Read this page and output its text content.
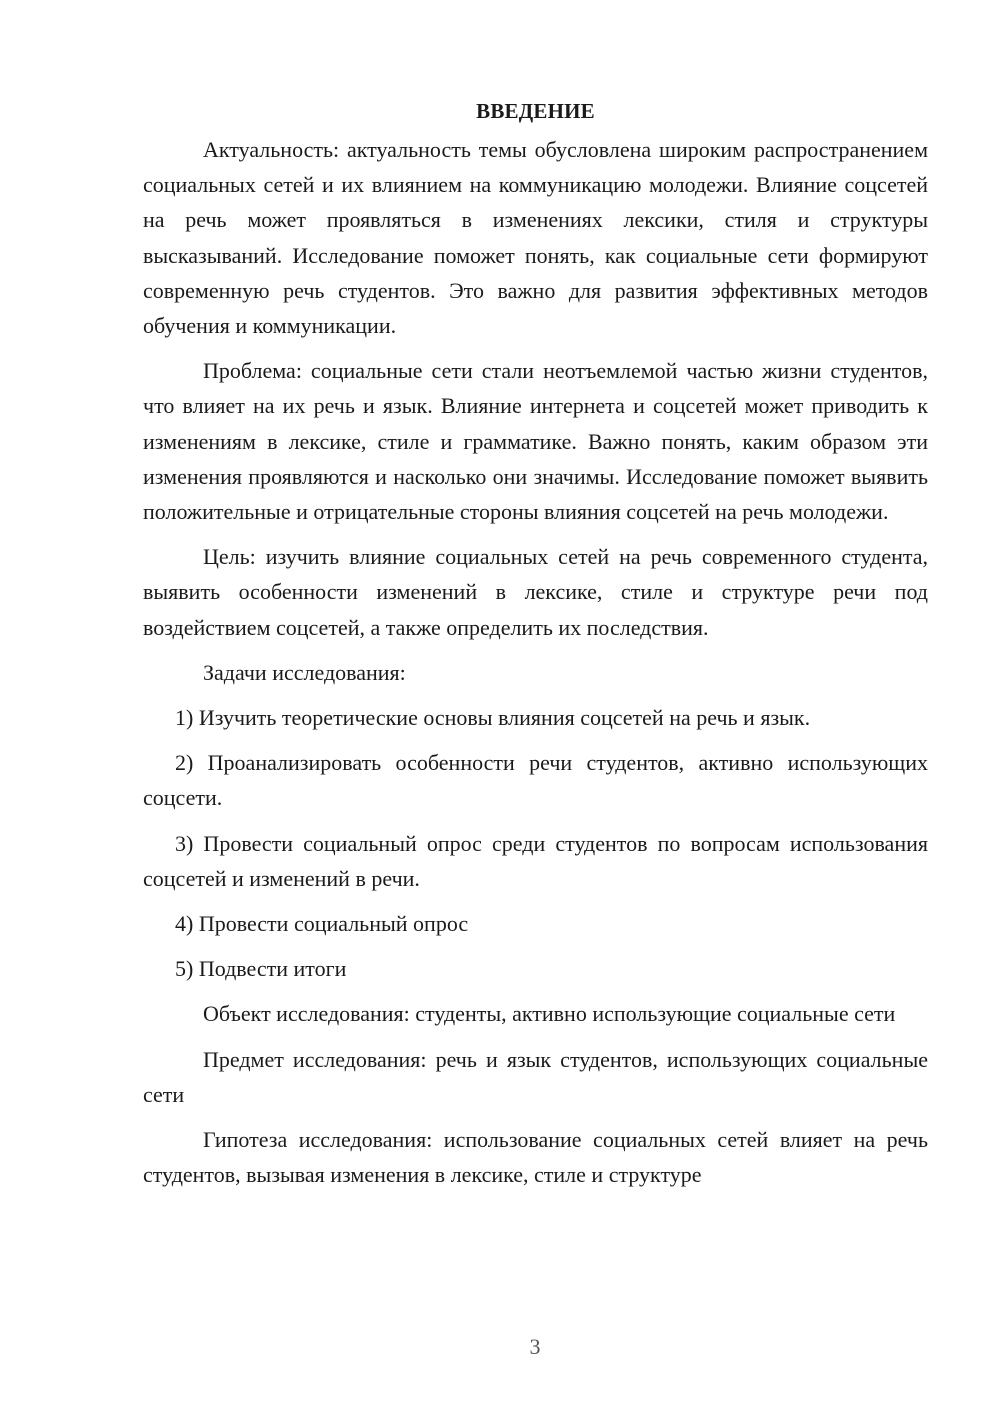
ВВЕДЕНИЕ

Актуальность: актуальность темы обусловлена широким распространением социальных сетей и их влиянием на коммуникацию молодежи. Влияние соцсетей на речь может проявляться в изменениях лексики, стиля и структуры высказываний. Исследование поможет понять, как социальные сети формируют современную речь студентов. Это важно для развития эффективных методов обучения и коммуникации.

Проблема: социальные сети стали неотъемлемой частью жизни студентов, что влияет на их речь и язык. Влияние интернета и соцсетей может приводить к изменениям в лексике, стиле и грамматике. Важно понять, каким образом эти изменения проявляются и насколько они значимы. Исследование поможет выявить положительные и отрицательные стороны влияния соцсетей на речь молодежи.

Цель: изучить влияние социальных сетей на речь современного студента, выявить особенности изменений в лексике, стиле и структуре речи под воздействием соцсетей, а также определить их последствия.

Задачи исследования:

1) Изучить теоретические основы влияния соцсетей на речь и язык.

2) Проанализировать особенности речи студентов, активно использующих соцсети.

3) Провести социальный опрос среди студентов по вопросам использования соцсетей и изменений в речи.

4) Провести социальный опрос

5) Подвести итоги

Объект исследования: студенты, активно использующие социальные сети

Предмет исследования: речь и язык студентов, использующих социальные сети

Гипотеза исследования: использование социальных сетей влияет на речь студентов, вызывая изменения в лексике, стиле и структуре

3
